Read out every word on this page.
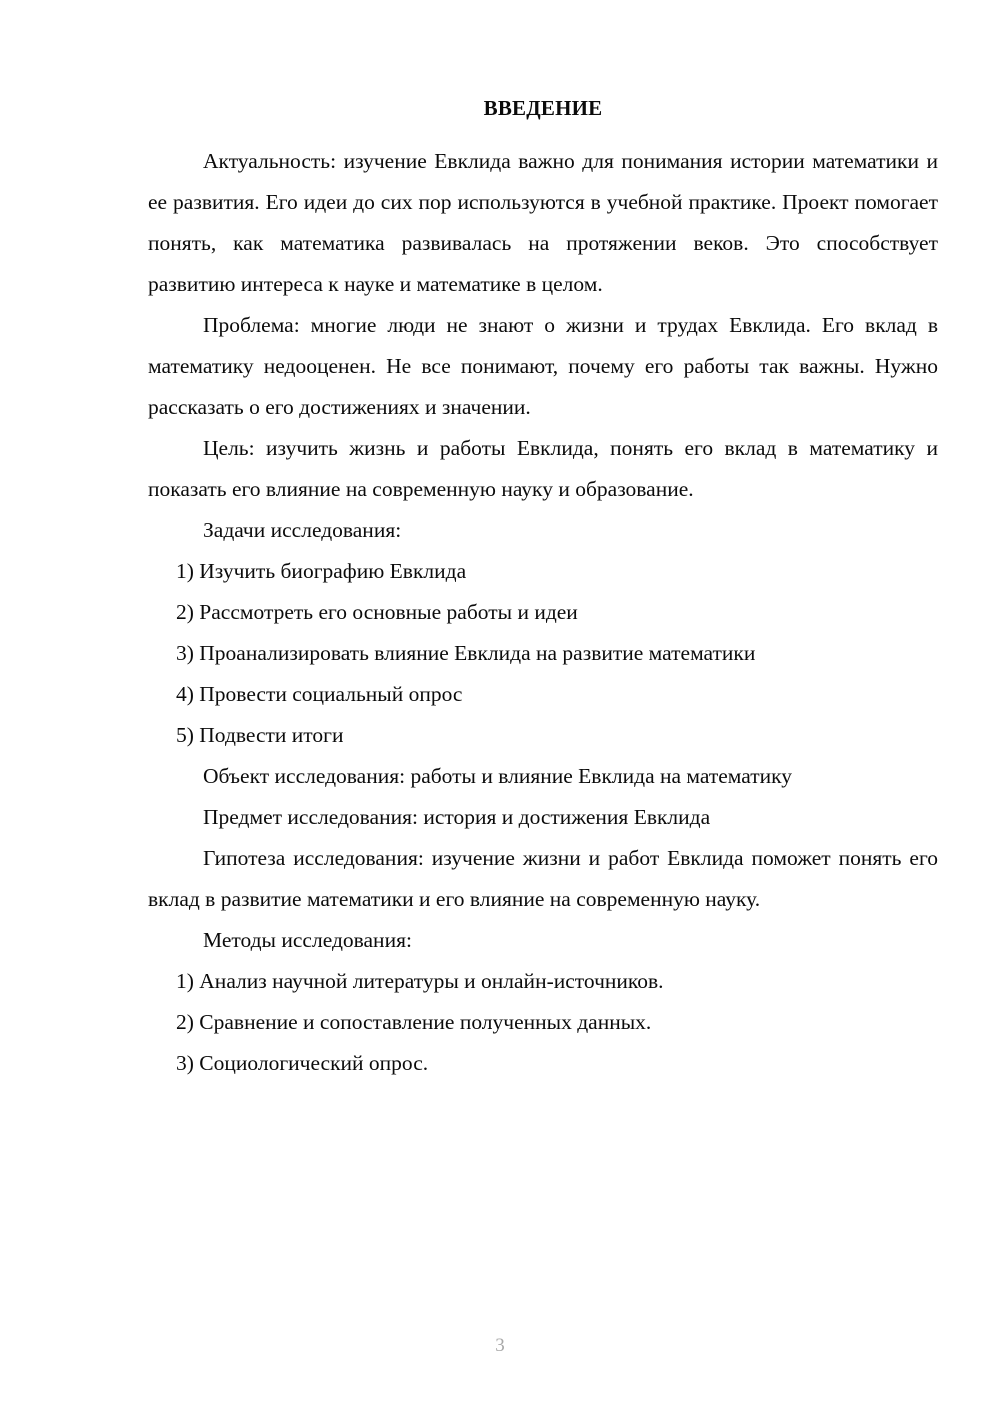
ВВЕДЕНИЕ

Актуальность: изучение Евклида важно для понимания истории математики и ее развития. Его идеи до сих пор используются в учебной практике. Проект помогает понять, как математика развивалась на протяжении веков. Это способствует развитию интереса к науке и математике в целом.

Проблема: многие люди не знают о жизни и трудах Евклида. Его вклад в математику недооценен. Не все понимают, почему его работы так важны. Нужно рассказать о его достижениях и значении.

Цель: изучить жизнь и работы Евклида, понять его вклад в математику и показать его влияние на современную науку и образование.

Задачи исследования:

1) Изучить биографию Евклида
2) Рассмотреть его основные работы и идеи
3) Проанализировать влияние Евклида на развитие математики
4) Провести социальный опрос
5) Подвести итоги

Объект исследования: работы и влияние Евклида на математику

Предмет исследования: история и достижения Евклида

Гипотеза исследования: изучение жизни и работ Евклида поможет понять его вклад в развитие математики и его влияние на современную науку.

Методы исследования:

1) Анализ научной литературы и онлайн-источников.
2) Сравнение и сопоставление полученных данных.
3) Социологический опрос.
3
